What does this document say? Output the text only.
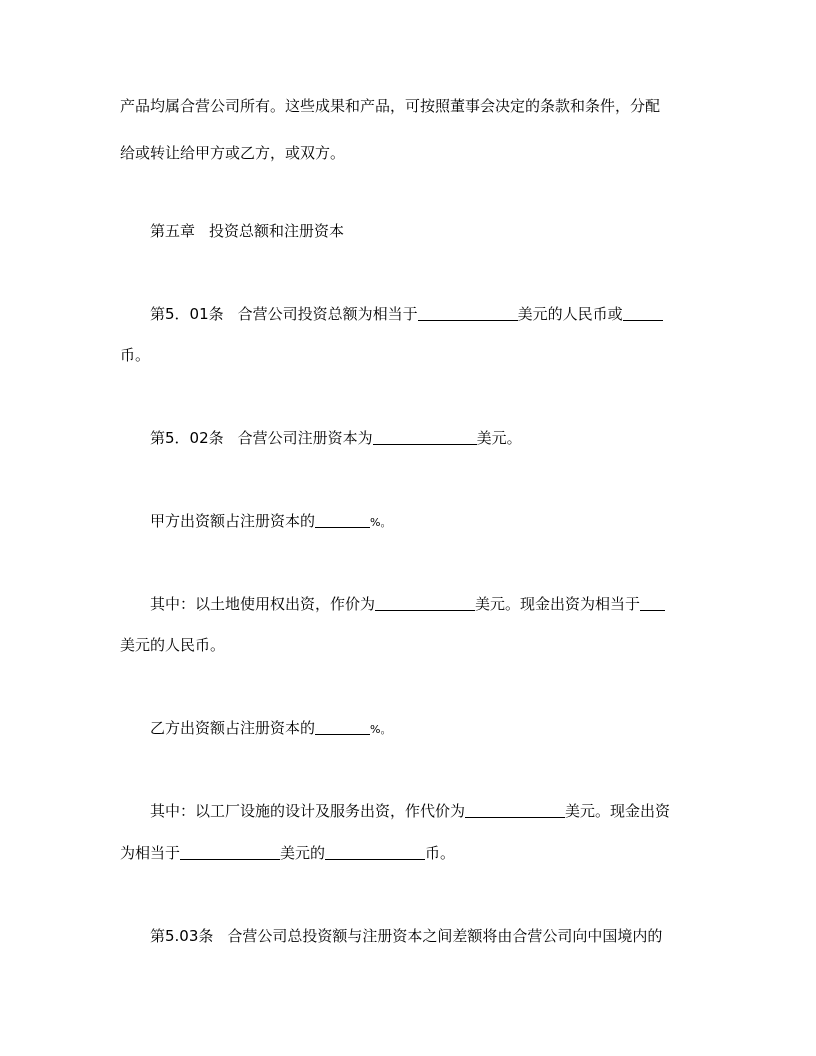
产品均属合营公司所有。这些成果和产品，可按照董事会决定的条款和条件，分配
给或转让给甲方或乙方，或双方。
第五章 投资总额和注册资本
第5．01条 合营公司投资总额为相当于	美元的人民币或
币。
第5．02条 合营公司注册资本为	美元。
甲方出资额占注册资本的	%。
其中：以土地使用权出资，作价为	美元。现金出资为相当于
美元的人民币。
乙方出资额占注册资本的	%。
其中：以工厂设施的设计及服务出资，作代价为	美元。现金出资
为相当于	美元的	币。
第5.03条 合营公司总投资额与注册资本之间差额将由合营公司向中国境内的
